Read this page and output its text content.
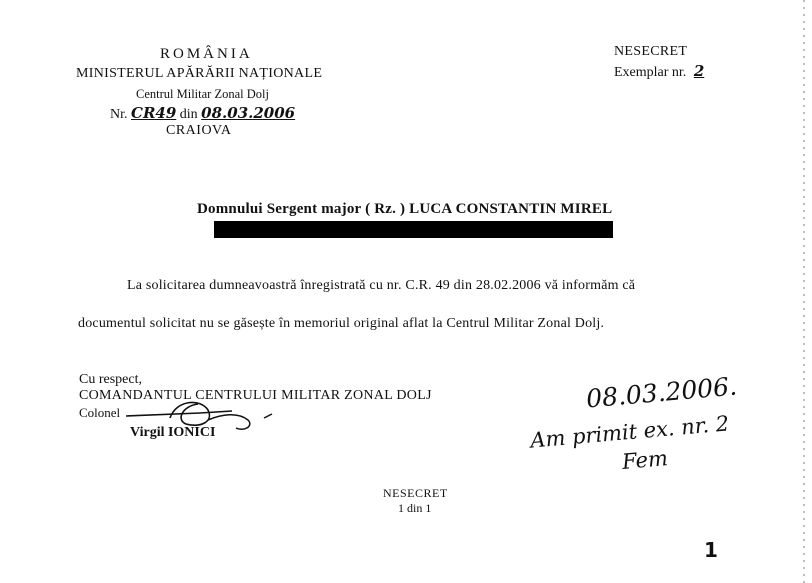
ROMÂNIA
MINISTERUL APĂRĂRII NAȚIONALE
Centrul Militar Zonal Dolj
Nr. CR49 din 08.03.2006
CRAIOVA
NESECRET
Exemplar nr. 2
Domnului Sergent major ( Rz. ) LUCA CONSTANTIN MIREL
La solicitarea dumneavoastră înregistrată cu nr. C.R. 49 din 28.02.2006 vă informăm că
documentul solicitat nu se găsește în memoriul original aflat la Centrul Militar Zonal Dolj.
Cu respect,
COMANDANTUL CENTRULUI MILITAR ZONAL DOLJ
Colonel
Virgil IONICI
08.03.2006.
Am primit ex. nr. 2
Fem
NESECRET
1 din 1
1
